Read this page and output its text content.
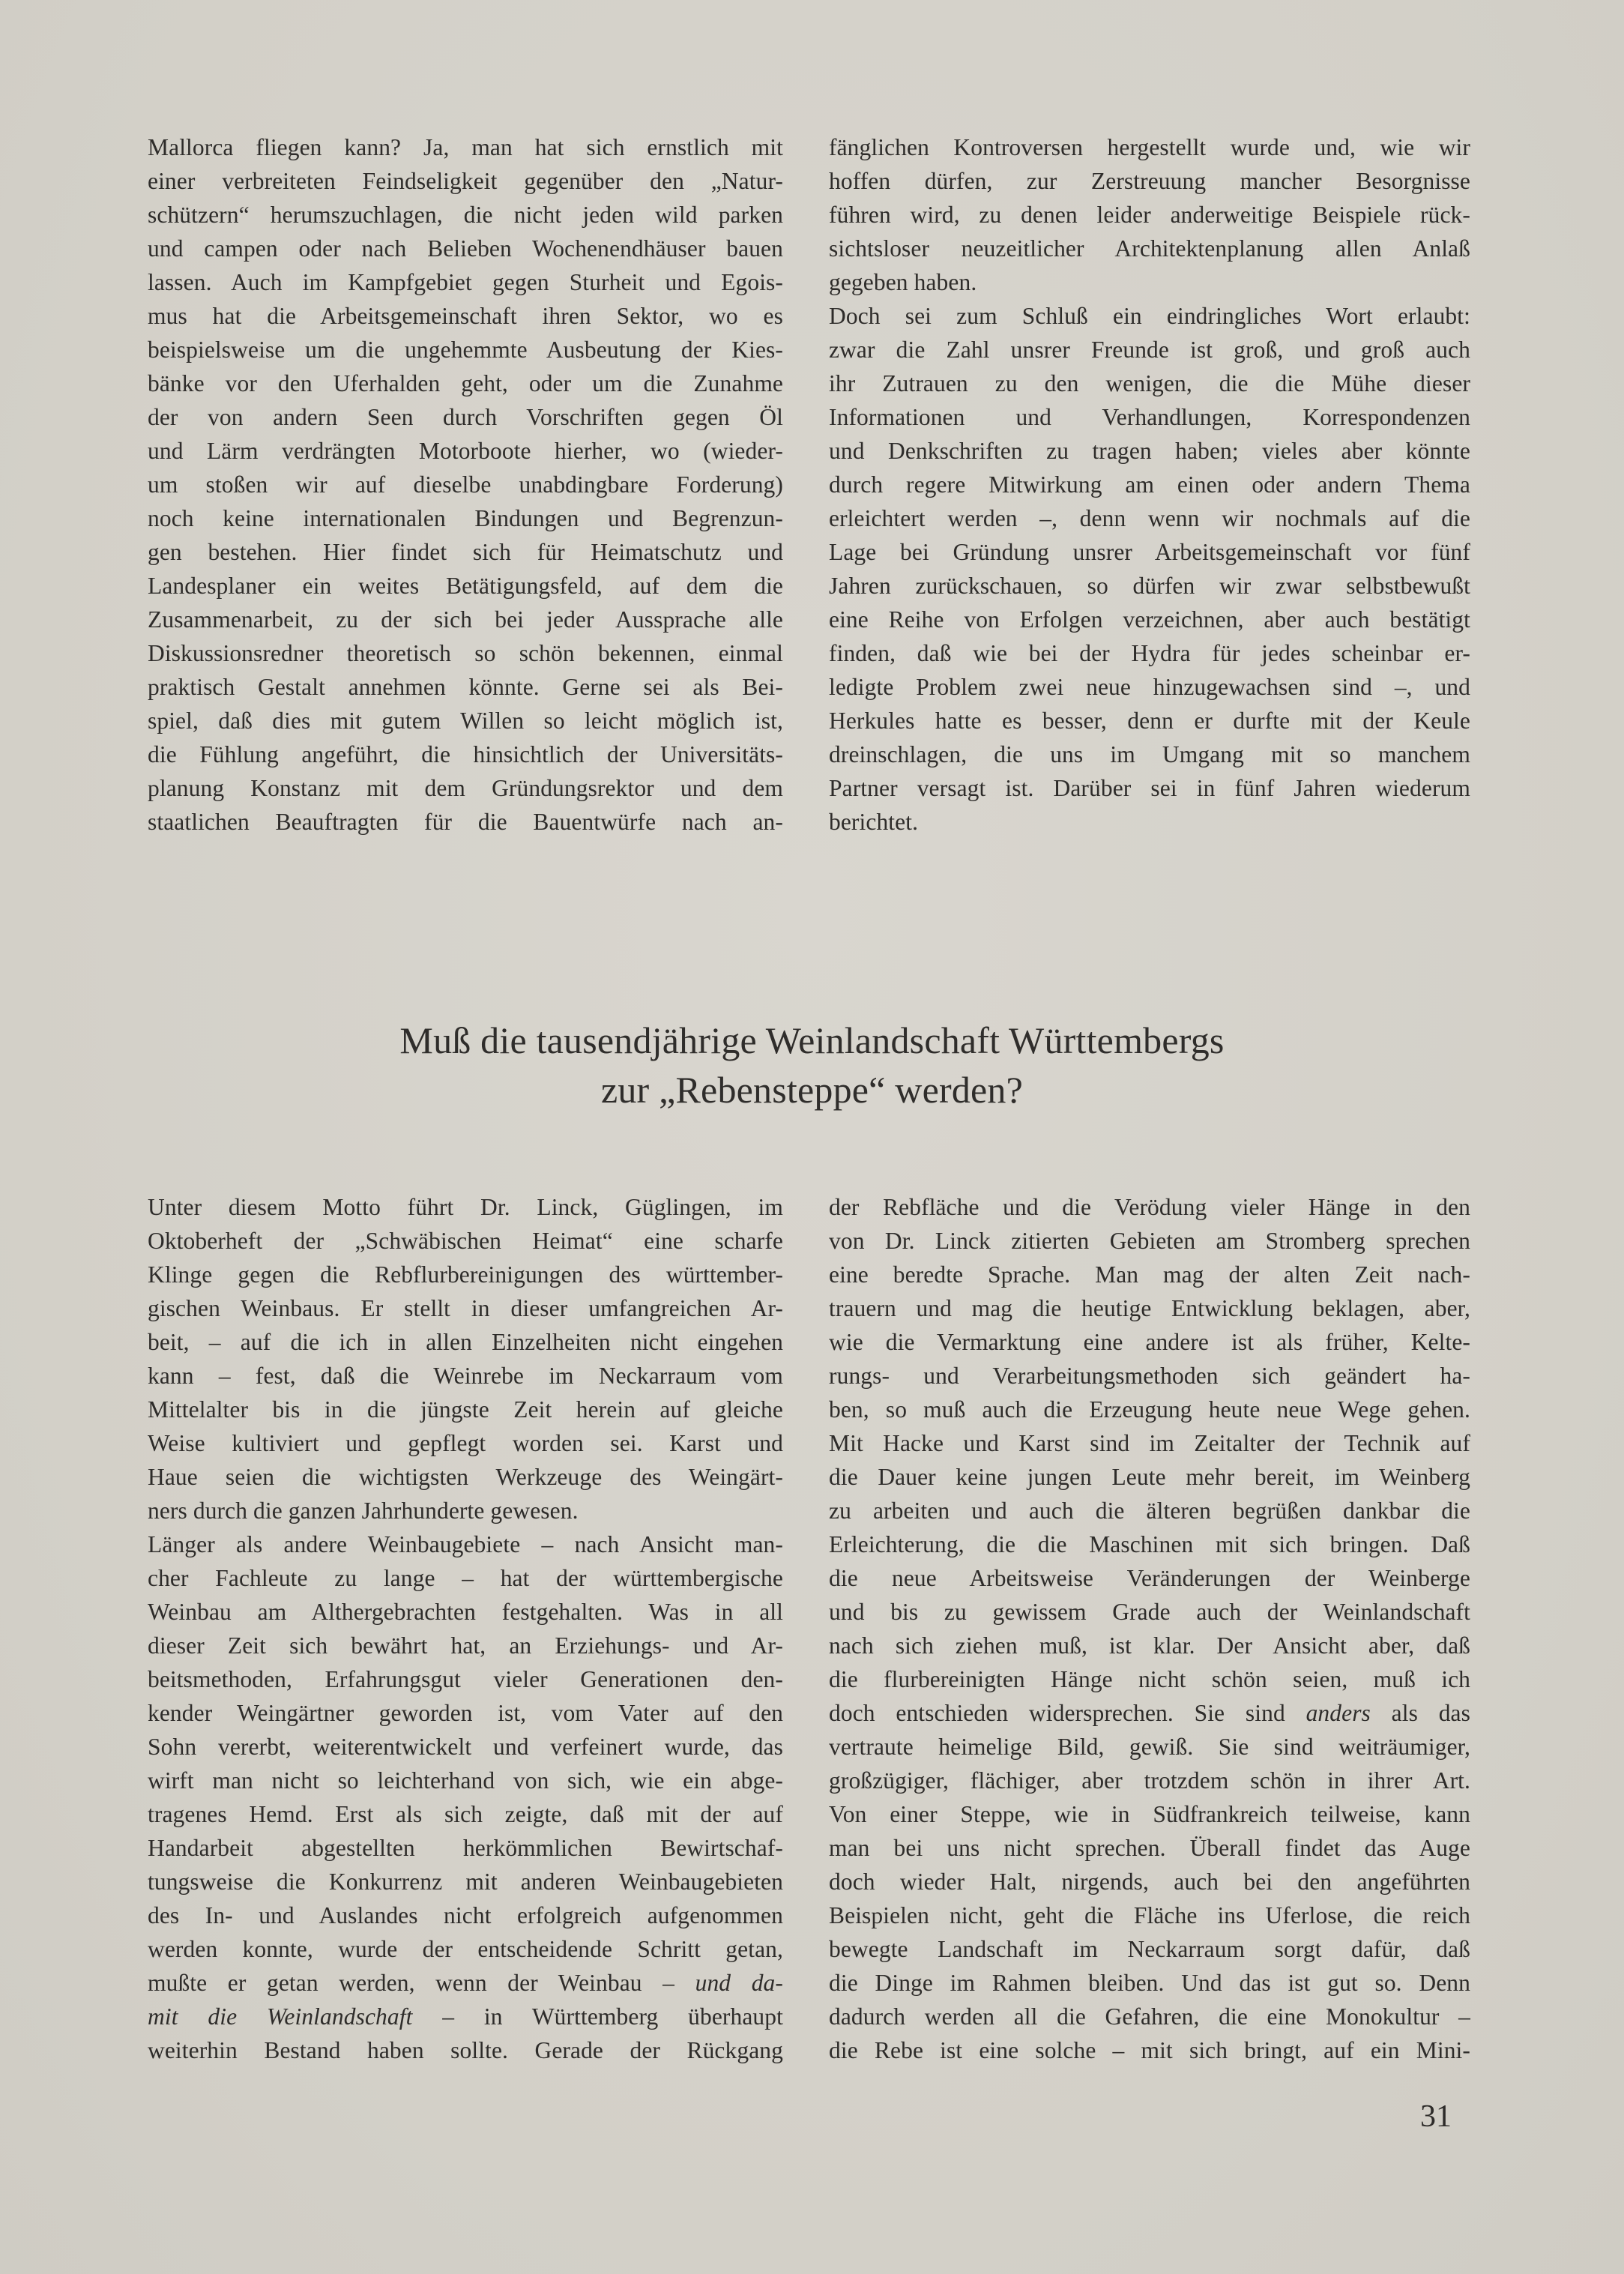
Mallorca fliegen kann? Ja, man hat sich ernstlich mit
einer verbreiteten Feindseligkeit gegenüber den „Natur-
schützern“ herumszuchlagen, die nicht jeden wild parken
und campen oder nach Belieben Wochenendhäuser bauen
lassen. Auch im Kampfgebiet gegen Sturheit und Egois-
mus hat die Arbeitsgemeinschaft ihren Sektor, wo es
beispielsweise um die ungehemmte Ausbeutung der Kies-
bänke vor den Uferhalden geht, oder um die Zunahme
der von andern Seen durch Vorschriften gegen Öl
und Lärm verdrängten Motorboote hierher, wo (wieder-
um stoßen wir auf dieselbe unabdingbare Forderung)
noch keine internationalen Bindungen und Begrenzun-
gen bestehen. Hier findet sich für Heimatschutz und
Landesplaner ein weites Betätigungsfeld, auf dem die
Zusammenarbeit, zu der sich bei jeder Aussprache alle
Diskussionsredner theoretisch so schön bekennen, einmal
praktisch Gestalt annehmen könnte. Gerne sei als Bei-
spiel, daß dies mit gutem Willen so leicht möglich ist,
die Fühlung angeführt, die hinsichtlich der Universitäts-
planung Konstanz mit dem Gründungsrektor und dem
staatlichen Beauftragten für die Bauentwürfe nach an-
fänglichen Kontroversen hergestellt wurde und, wie wir
hoffen dürfen, zur Zerstreuung mancher Besorgnisse
führen wird, zu denen leider anderweitige Beispiele rück-
sichtsloser neuzeitlicher Architektenplanung allen Anlaß
gegeben haben.
Doch sei zum Schluß ein eindringliches Wort erlaubt:
zwar die Zahl unsrer Freunde ist groß, und groß auch
ihr Zutrauen zu den wenigen, die die Mühe dieser
Informationen und Verhandlungen, Korrespondenzen
und Denkschriften zu tragen haben; vieles aber könnte
durch regere Mitwirkung am einen oder andern Thema
erleichtert werden –, denn wenn wir nochmals auf die
Lage bei Gründung unsrer Arbeitsgemeinschaft vor fünf
Jahren zurückschauen, so dürfen wir zwar selbstbewußt
eine Reihe von Erfolgen verzeichnen, aber auch bestätigt
finden, daß wie bei der Hydra für jedes scheinbar er-
ledigte Problem zwei neue hinzugewachsen sind –, und
Herkules hatte es besser, denn er durfte mit der Keule
dreinschlagen, die uns im Umgang mit so manchem
Partner versagt ist. Darüber sei in fünf Jahren wiederum
berichtet.
Muß die tausendjährige Weinlandschaft Württembergs
zur „Rebensteppe“ werden?
Unter diesem Motto führt Dr. Linck, Güglingen, im
Oktoberheft der „Schwäbischen Heimat“ eine scharfe
Klinge gegen die Rebflurbereinigungen des württember-
gischen Weinbaus. Er stellt in dieser umfangreichen Ar-
beit, – auf die ich in allen Einzelheiten nicht eingehen
kann – fest, daß die Weinrebe im Neckarraum vom
Mittelalter bis in die jüngste Zeit herein auf gleiche
Weise kultiviert und gepflegt worden sei. Karst und
Haue seien die wichtigsten Werkzeuge des Weingärt-
ners durch die ganzen Jahrhunderte gewesen.
Länger als andere Weinbaugebiete – nach Ansicht man-
cher Fachleute zu lange – hat der württembergische
Weinbau am Althergebrachten festgehalten. Was in all
dieser Zeit sich bewährt hat, an Erziehungs- und Ar-
beitsmethoden, Erfahrungsgut vieler Generationen den-
kender Weingärtner geworden ist, vom Vater auf den
Sohn vererbt, weiterentwickelt und verfeinert wurde, das
wirft man nicht so leichterhand von sich, wie ein abge-
tragenes Hemd. Erst als sich zeigte, daß mit der auf
Handarbeit abgestellten herkömmlichen Bewirtschaf-
tungsweise die Konkurrenz mit anderen Weinbaugebieten
des In- und Auslandes nicht erfolgreich aufgenommen
werden konnte, wurde der entscheidende Schritt getan,
mußte er getan werden, wenn der Weinbau – und da-
mit die Weinlandschaft – in Württemberg überhaupt
weiterhin Bestand haben sollte. Gerade der Rückgang
der Rebfläche und die Verödung vieler Hänge in den
von Dr. Linck zitierten Gebieten am Stromberg sprechen
eine beredte Sprache. Man mag der alten Zeit nach-
trauern und mag die heutige Entwicklung beklagen, aber,
wie die Vermarktung eine andere ist als früher, Kelte-
rungs- und Verarbeitungsmethoden sich geändert ha-
ben, so muß auch die Erzeugung heute neue Wege gehen.
Mit Hacke und Karst sind im Zeitalter der Technik auf
die Dauer keine jungen Leute mehr bereit, im Weinberg
zu arbeiten und auch die älteren begrüßen dankbar die
Erleichterung, die die Maschinen mit sich bringen. Daß
die neue Arbeitsweise Veränderungen der Weinberge
und bis zu gewissem Grade auch der Weinlandschaft
nach sich ziehen muß, ist klar. Der Ansicht aber, daß
die flurbereinigten Hänge nicht schön seien, muß ich
doch entschieden widersprechen. Sie sind anders als das
vertraute heimelige Bild, gewiß. Sie sind weiträumiger,
großzügiger, flächiger, aber trotzdem schön in ihrer Art.
Von einer Steppe, wie in Südfrankreich teilweise, kann
man bei uns nicht sprechen. Überall findet das Auge
doch wieder Halt, nirgends, auch bei den angeführten
Beispielen nicht, geht die Fläche ins Uferlose, die reich
bewegte Landschaft im Neckarraum sorgt dafür, daß
die Dinge im Rahmen bleiben. Und das ist gut so. Denn
dadurch werden all die Gefahren, die eine Monokultur –
die Rebe ist eine solche – mit sich bringt, auf ein Mini-
31
